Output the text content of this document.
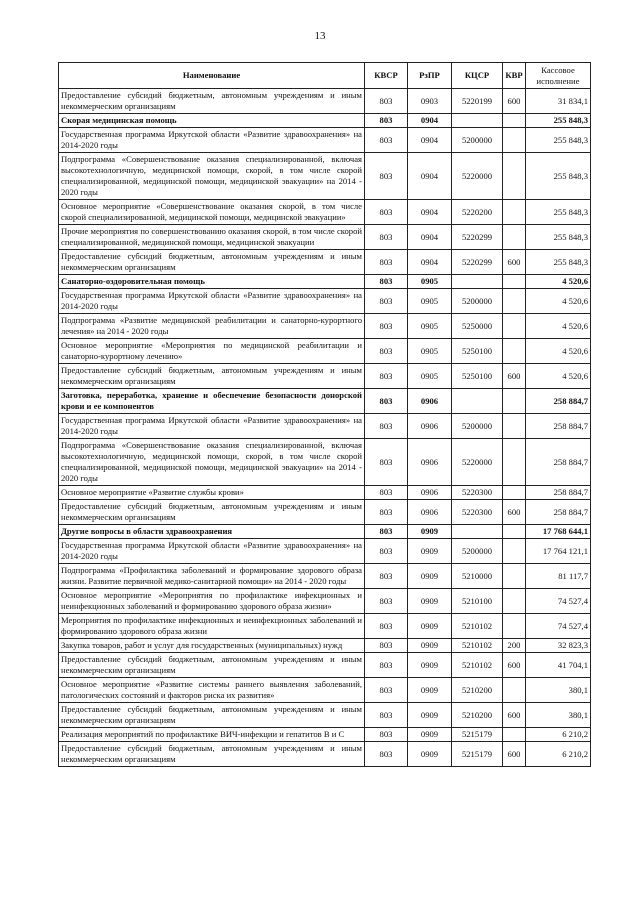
13
Наименование	КВСР	РзПР	КЦСР	КВР	Кассовое исполнение
Предоставление субсидий бюджетным, автономным учреждениям и иным некоммерческим организациям	803	0903	5220199	600	31 834,1
Скорая медицинская помощь	803	0904			255 848,3
Государственная программа Иркутской области «Развитие здравоохранения» на 2014-2020 годы	803	0904	5200000		255 848,3
Подпрограмма «Совершенствование оказания специализированной, включая высокотехнологичную, медицинской помощи, скорой, в том числе скорой специализированной, медицинской помощи, медицинской эвакуации» на 2014 - 2020 годы	803	0904	5220000		255 848,3
Основное мероприятие «Совершенствование оказания скорой, в том числе скорой специализированной, медицинской помощи, медицинской эвакуации»	803	0904	5220200		255 848,3
Прочие мероприятия по совершенствованию оказания скорой, в том числе скорой специализированной, медицинской помощи, медицинской эвакуации	803	0904	5220299		255 848,3
Предоставление субсидий бюджетным, автономным учреждениям и иным некоммерческим организациям	803	0904	5220299	600	255 848,3
Санаторно-оздоровительная помощь	803	0905			4 520,6
Государственная программа Иркутской области «Развитие здравоохранения» на 2014-2020 годы	803	0905	5200000		4 520,6
Подпрограмма «Развитие медицинской реабилитации и санаторно-курортного лечения» на 2014 - 2020 годы	803	0905	5250000		4 520,6
Основное мероприятие «Мероприятия по медицинской реабилитации и санаторно-курортному лечению»	803	0905	5250100		4 520,6
Предоставление субсидий бюджетным, автономным учреждениям и иным некоммерческим организациям	803	0905	5250100	600	4 520,6
Заготовка, переработка, хранение и обеспечение безопасности донорской крови и ее компонентов	803	0906			258 884,7
Государственная программа Иркутской области «Развитие здравоохранения» на 2014-2020 годы	803	0906	5200000		258 884,7
Подпрограмма «Совершенствование оказания специализированной, включая высокотехнологичную, медицинской помощи, скорой, в том числе скорой специализированной, медицинской помощи, медицинской эвакуации» на 2014 - 2020 годы	803	0906	5220000		258 884,7
Основное мероприятие «Развитие службы крови»	803	0906	5220300		258 884,7
Предоставление субсидий бюджетным, автономным учреждениям и иным некоммерческим организациям	803	0906	5220300	600	258 884,7
Другие вопросы в области здравоохранения	803	0909			17 768 644,1
Государственная программа Иркутской области «Развитие здравоохранения» на 2014-2020 годы	803	0909	5200000		17 764 121,1
Подпрограмма «Профилактика заболеваний и формирование здорового образа жизни. Развитие первичной медико-санитарной помощи» на 2014 - 2020 годы	803	0909	5210000		81 117,7
Основное мероприятие «Мероприятия по профилактике инфекционных и неинфекционных заболеваний и формированию здорового образа жизни»	803	0909	5210100		74 527,4
Мероприятия по профилактике инфекционных и неинфекционных заболеваний и формированию здорового образа жизни	803	0909	5210102		74 527,4
Закупка товаров, работ и услуг для государственных (муниципальных) нужд	803	0909	5210102	200	32 823,3
Предоставление субсидий бюджетным, автономным учреждениям и иным некоммерческим организациям	803	0909	5210102	600	41 704,1
Основное мероприятие «Развитие системы раннего выявления заболеваний, патологических состояний и факторов риска их развития»	803	0909	5210200		380,1
Предоставление субсидий бюджетным, автономным учреждениям и иным некоммерческим организациям	803	0909	5210200	600	380,1
Реализация мероприятий по профилактике ВИЧ-инфекции и гепатитов В и С	803	0909	5215179		6 210,2
Предоставление субсидий бюджетным, автономным учреждениям и иным некоммерческим организациям	803	0909	5215179	600	6 210,2
